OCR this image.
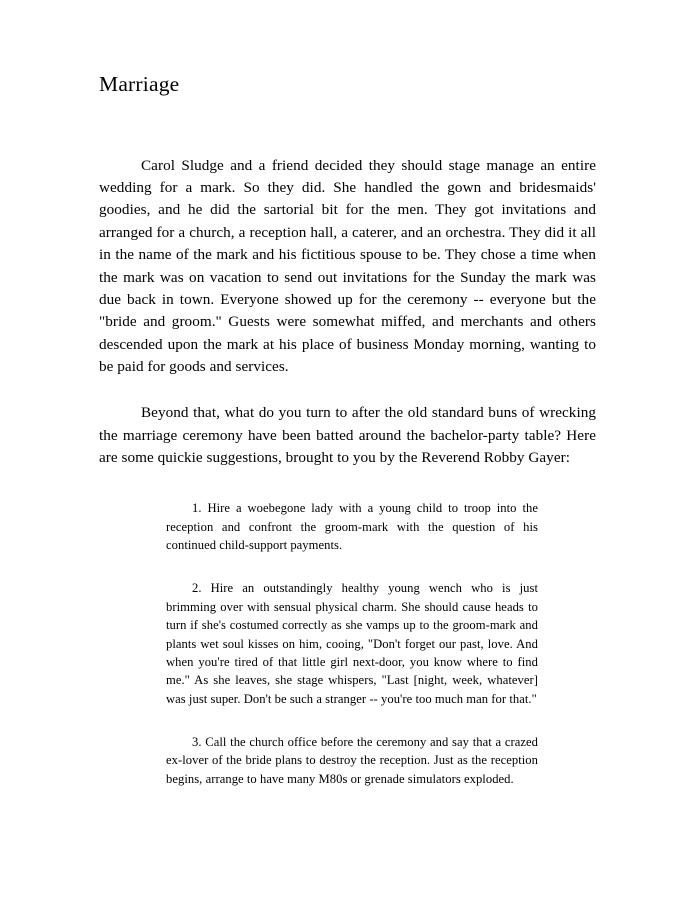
Marriage

Carol Sludge and a friend decided they should stage manage an entire wedding for a mark. So they did. She handled the gown and bridesmaids' goodies, and he did the sartorial bit for the men. They got invitations and arranged for a church, a reception hall, a caterer, and an orchestra. They did it all in the name of the mark and his fictitious spouse to be. They chose a time when the mark was on vacation to send out invitations for the Sunday the mark was due back in town. Everyone showed up for the ceremony -- everyone but the "bride and groom." Guests were somewhat miffed, and merchants and others descended upon the mark at his place of business Monday morning, wanting to be paid for goods and services.

Beyond that, what do you turn to after the old standard buns of wrecking the marriage ceremony have been batted around the bachelor-party table? Here are some quickie suggestions, brought to you by the Reverend Robby Gayer:

1. Hire a woebegone lady with a young child to troop into the reception and confront the groom-mark with the question of his continued child-support payments.

2. Hire an outstandingly healthy young wench who is just brimming over with sensual physical charm. She should cause heads to turn if she's costumed correctly as she vamps up to the groom-mark and plants wet soul kisses on him, cooing, "Don't forget our past, love. And when you're tired of that little girl next-door, you know where to find me." As she leaves, she stage whispers, "Last [night, week, whatever] was just super. Don't be such a stranger -- you're too much man for that."

3. Call the church office before the ceremony and say that a crazed ex-lover of the bride plans to destroy the reception. Just as the reception begins, arrange to have many M80s or grenade simulators exploded.
